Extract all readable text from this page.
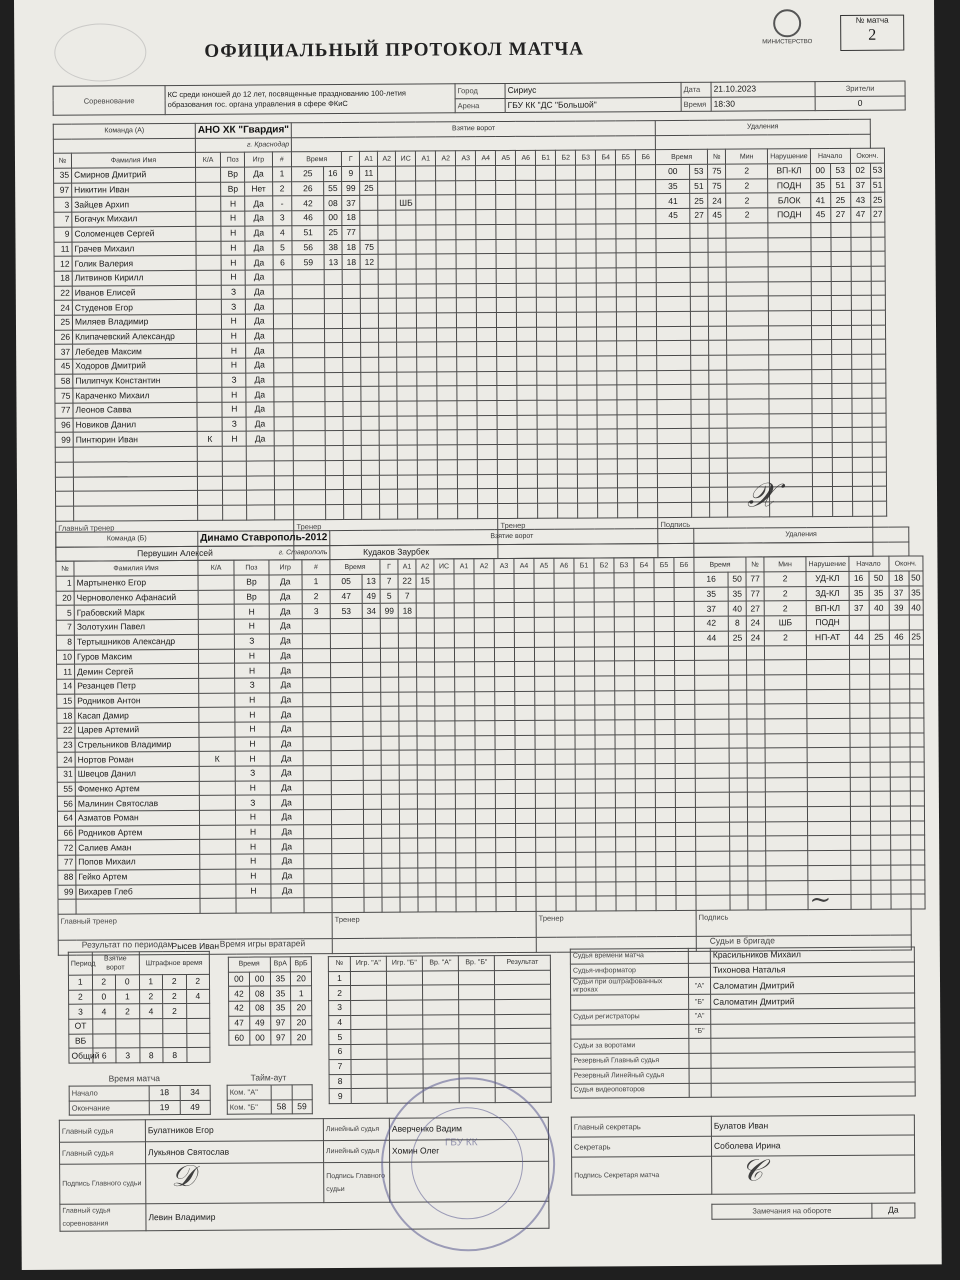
ОФИЦИАЛЬНЫЙ ПРОТОКОЛ МАТЧА	МИНИСТЕРСТВО
№ матча
2
Соревнование	КС среди юношей до 12 лет, посвященные празднованию 100-летия образования гос. органа управления в сфере ФКиС	Город	Сириус	Дата	21.10.2023	Зрители
		Арена	ГБУ КК "ДС "Большой"	Время	18:30	0
Команда (А)		АНО ХК "Гвардия"				Взятие ворот																		Удаления								
		г. Краснодар																														
№	Фамилия Имя	К/А	Поз	Игр	#	Время		Г	А1	А2	ИС	А1	А2	А3	А4	А5	А6	Б1	Б2	Б3	Б4	Б5	Б6	Время		№	Мин	Нарушение	Начало		Оконч.	
35	Смирнов Дмитрий		Вр	Да	1	25	16	9	11															00	53	75	2	ВП-КЛ	00	53	02	53
97	Никитин Иван		Вр	Нет	2	26	55	99	25															35	51	75	2	ПОДН	35	51	37	51
3	Зайцев Архип		Н	Да	-	42	08	37			ШБ													41	25	24	2	БЛОК	41	25	43	25
7	Богачук Михаил		Н	Да	3	46	00	18																45	27	45	2	ПОДН	45	27	47	27
9	Соломенцев Сергей		Н	Да	4	51	25	77																								
11	Грачев Михаил		Н	Да	5	56	38	18	75																							
12	Голик Валерия		Н	Да	6	59	13	18	12																							
18	Литвинов Кирилл		Н	Да																												
22	Иванов Елисей		З	Да																												
24	Студенов Егор		З	Да																												
25	Миляев Владимир		Н	Да																												
26	Клипачевский Александр		Н	Да																												
37	Лебедев Максим		Н	Да																												
45	Ходоров Дмитрий		Н	Да																												
58	Пилипчук Константин		З	Да																												
75	Караченко Михаил		Н	Да																												
77	Леонов Савва		Н	Да																												
96	Новиков Данил		З	Да																												
99	Пинтюрин Иван	К	Н	Да																												

Главный тренер						Тренер										Тренер								Подпись								
Первушин Алексей						Кудаков Заурбек																										
Команда (Б)		Динамо Ставрополь-2012				Взятие ворот																		Удаления								
		г. Ставрополь																														
№	Фамилия Имя	К/А	Поз	Игр	#	Время		Г	А1	А2	ИС	А1	А2	А3	А4	А5	А6	Б1	Б2	Б3	Б4	Б5	Б6	Время		№	Мин	Нарушение	Начало		Оконч.	
1	Мартыненко Егор		Вр	Да	1	05	13	7	22	15														16	50	77	2	УД-КЛ	16	50	18	50
20	Черноволенко Афанасий		Вр	Да	2	47	49	5	7															35	35	77	2	ЗД-КЛ	35	35	37	35
5	Грабовский Марк		Н	Да	3	53	34	99	18															37	40	27	2	ВП-КЛ	37	40	39	40
7	Золотухин Павел		Н	Да																				42	8	24	ШБ	ПОДН				
8	Тертышников Александр		З	Да																				44	25	24	2	НП-АТ	44	25	46	25
10	Гуров Максим		Н	Да																												
11	Демин Сергей		Н	Да																												
14	Резанцев Петр		З	Да																												
15	Родников Антон		Н	Да																												
18	Касап Дамир		Н	Да																												
22	Царев Артемий		Н	Да																												
23	Стрельников Владимир		Н	Да																												
24	Нортов Роман	К	Н	Да																												
31	Швецов Данил		З	Да																												
55	Фоменко Артем		Н	Да																												
56	Малинин Святослав		З	Да																												
64	Азматов Роман		Н	Да																												
66	Родников Артем		Н	Да																												
72	Салиев Аман		Н	Да																												
77	Попов Михаил		Н	Да																												
88	Гейко Артем		Н	Да																												
99	Вихарев Глеб		Н	Да																												

Главный тренер						Тренер										Тренер								Подпись								
Рысев Иван																																
Результат по периодам
Период	Взятие ворот		Штрафное время		
1	2	0	1	2	2
2	0	1	2	2	4
3	4	2	4	2	
ОТ					
ВБ					
Общий	6	3	8	8	
Время игры вратарей
Время		ВрА	ВрБ
00	00	35	20
42	08	35	1
42	08	35	20
47	49	97	20
60	00	97	20
№	Игр. "А"	Игр. "Б"	Вр. "А"	Вр. "Б"	Результат
1					
2					
3					
4					
5					
6					
7					
8					
9					
Время матча
Начало	18	34
Окончание	19	49
Тайм-аут
Ком. "А"		
Ком. "Б"	58	59
Судьи в бригаде
Судья времени матча		Красильников Михаил
Судья-информатор		Тихонова Наталья
Судьи при оштрафованных игроках	"А"	Саломатин Дмитрий
	"Б"	Саломатин Дмитрий
Судьи регистраторы	"А"	
	"Б"	
Судьи за воротами		
Резервный Главный судья		
Резервный Линейный судья		
Судья видеоповторов		
Главный судья	Булатников Егор	Линейный судья	Аверченко Вадим
Главный судья	Лукьянов Святослав	Линейный судья	Хомин Олег
Подпись Главного судьи		Подпись Главного судьи	
Главный судья соревнования	Левин Владимир		
Главный секретарь	Булатов Иван
Секретарь	Соболева Ирина
Подпись Секретаря матча	
Замечания на обороте	Да
ГБУ КК
𝒳
~
𝒟	𝒞
